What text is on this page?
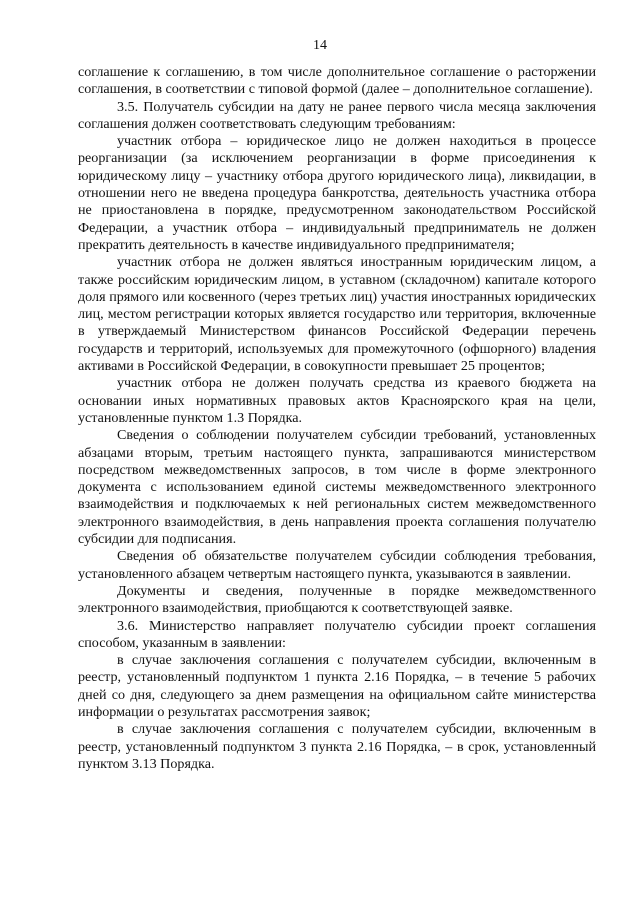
14

соглашение к соглашению, в том числе дополнительное соглашение о расторжении соглашения, в соответствии с типовой формой (далее – дополнительное соглашение).

3.5. Получатель субсидии на дату не ранее первого числа месяца заключения соглашения должен соответствовать следующим требованиям:

участник отбора – юридическое лицо не должен находиться в процессе реорганизации (за исключением реорганизации в форме присоединения к юридическому лицу – участнику отбора другого юридического лица), ликвидации, в отношении него не введена процедура банкротства, деятельность участника отбора не приостановлена в порядке, предусмотренном законодательством Российской Федерации, а участник отбора – индивидуальный предприниматель не должен прекратить деятельность в качестве индивидуального предпринимателя;

участник отбора не должен являться иностранным юридическим лицом, а также российским юридическим лицом, в уставном (складочном) капитале которого доля прямого или косвенного (через третьих лиц) участия иностранных юридических лиц, местом регистрации которых является государство или территория, включенные в утверждаемый Министерством финансов Российской Федерации перечень государств и территорий, используемых для промежуточного (офшорного) владения активами в Российской Федерации, в совокупности превышает 25 процентов;

участник отбора не должен получать средства из краевого бюджета на основании иных нормативных правовых актов Красноярского края на цели, установленные пунктом 1.3 Порядка.

Сведения о соблюдении получателем субсидии требований, установленных абзацами вторым, третьим настоящего пункта, запрашиваются министерством посредством межведомственных запросов, в том числе в форме электронного документа с использованием единой системы межведомственного электронного взаимодействия и подключаемых к ней региональных систем межведомственного электронного взаимодействия, в день направления проекта соглашения получателю субсидии для подписания.

Сведения об обязательстве получателем субсидии соблюдения требования, установленного абзацем четвертым настоящего пункта, указываются в заявлении.

Документы и сведения, полученные в порядке межведомственного электронного взаимодействия, приобщаются к соответствующей заявке.

3.6. Министерство направляет получателю субсидии проект соглашения способом, указанным в заявлении:

в случае заключения соглашения с получателем субсидии, включенным в реестр, установленный подпунктом 1 пункта 2.16 Порядка, – в течение 5 рабочих дней со дня, следующего за днем размещения на официальном сайте министерства информации о результатах рассмотрения заявок;

в случае заключения соглашения с получателем субсидии, включенным в реестр, установленный подпунктом 3 пункта 2.16 Порядка, – в срок, установленный пунктом 3.13 Порядка.
